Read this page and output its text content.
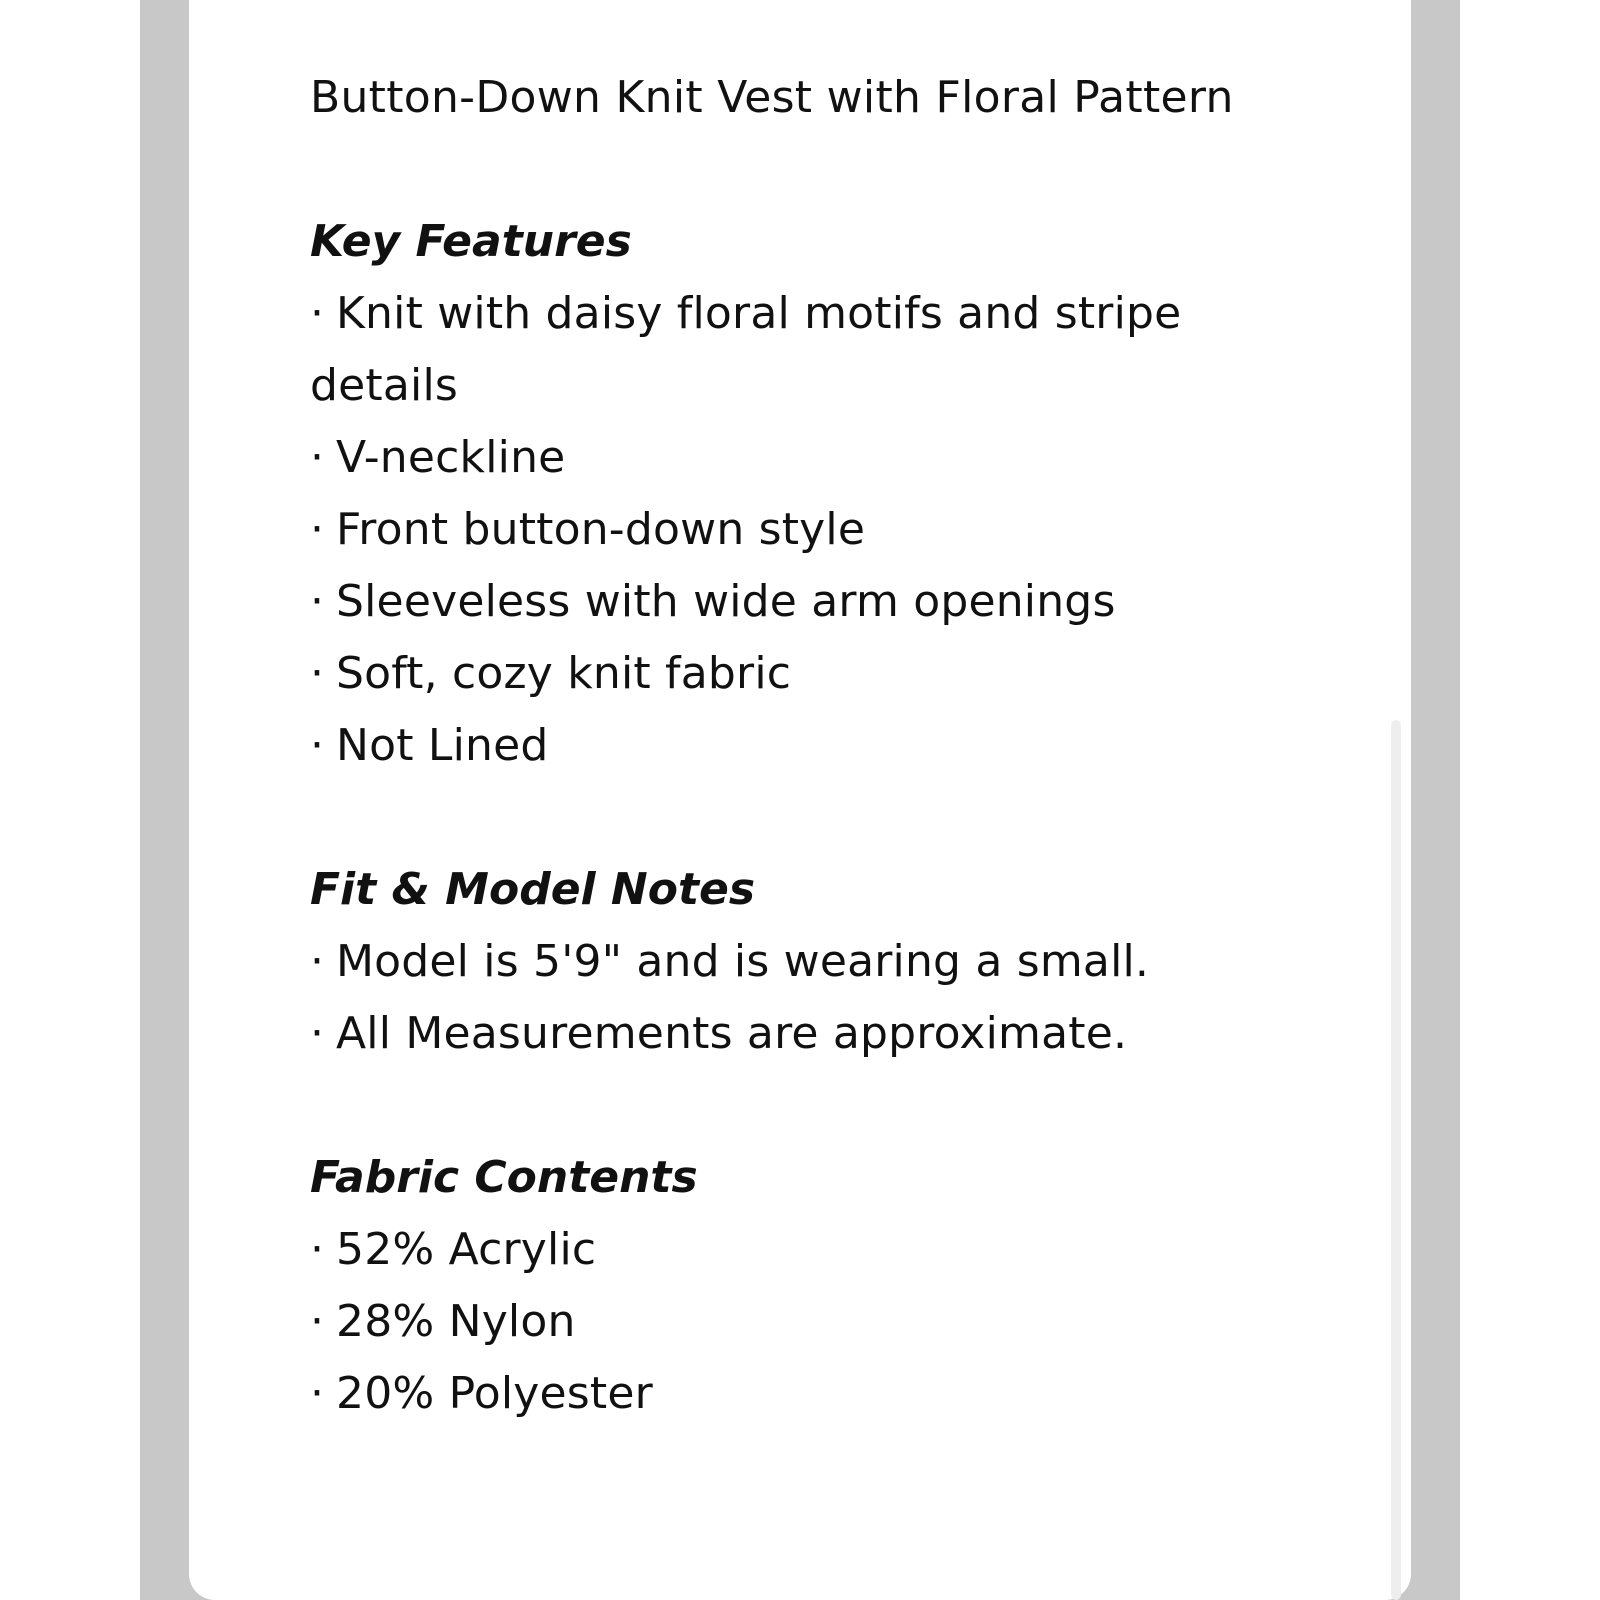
Button-Down Knit Vest with Floral Pattern

Key Features

· Knit with daisy floral motifs and stripe details
· V-neckline
· Front button-down style
· Sleeveless with wide arm openings
· Soft, cozy knit fabric
· Not Lined

Fit & Model Notes

· Model is 5'9" and is wearing a small.
· All Measurements are approximate.

Fabric Contents

· 52% Acrylic
· 28% Nylon
· 20% Polyester
